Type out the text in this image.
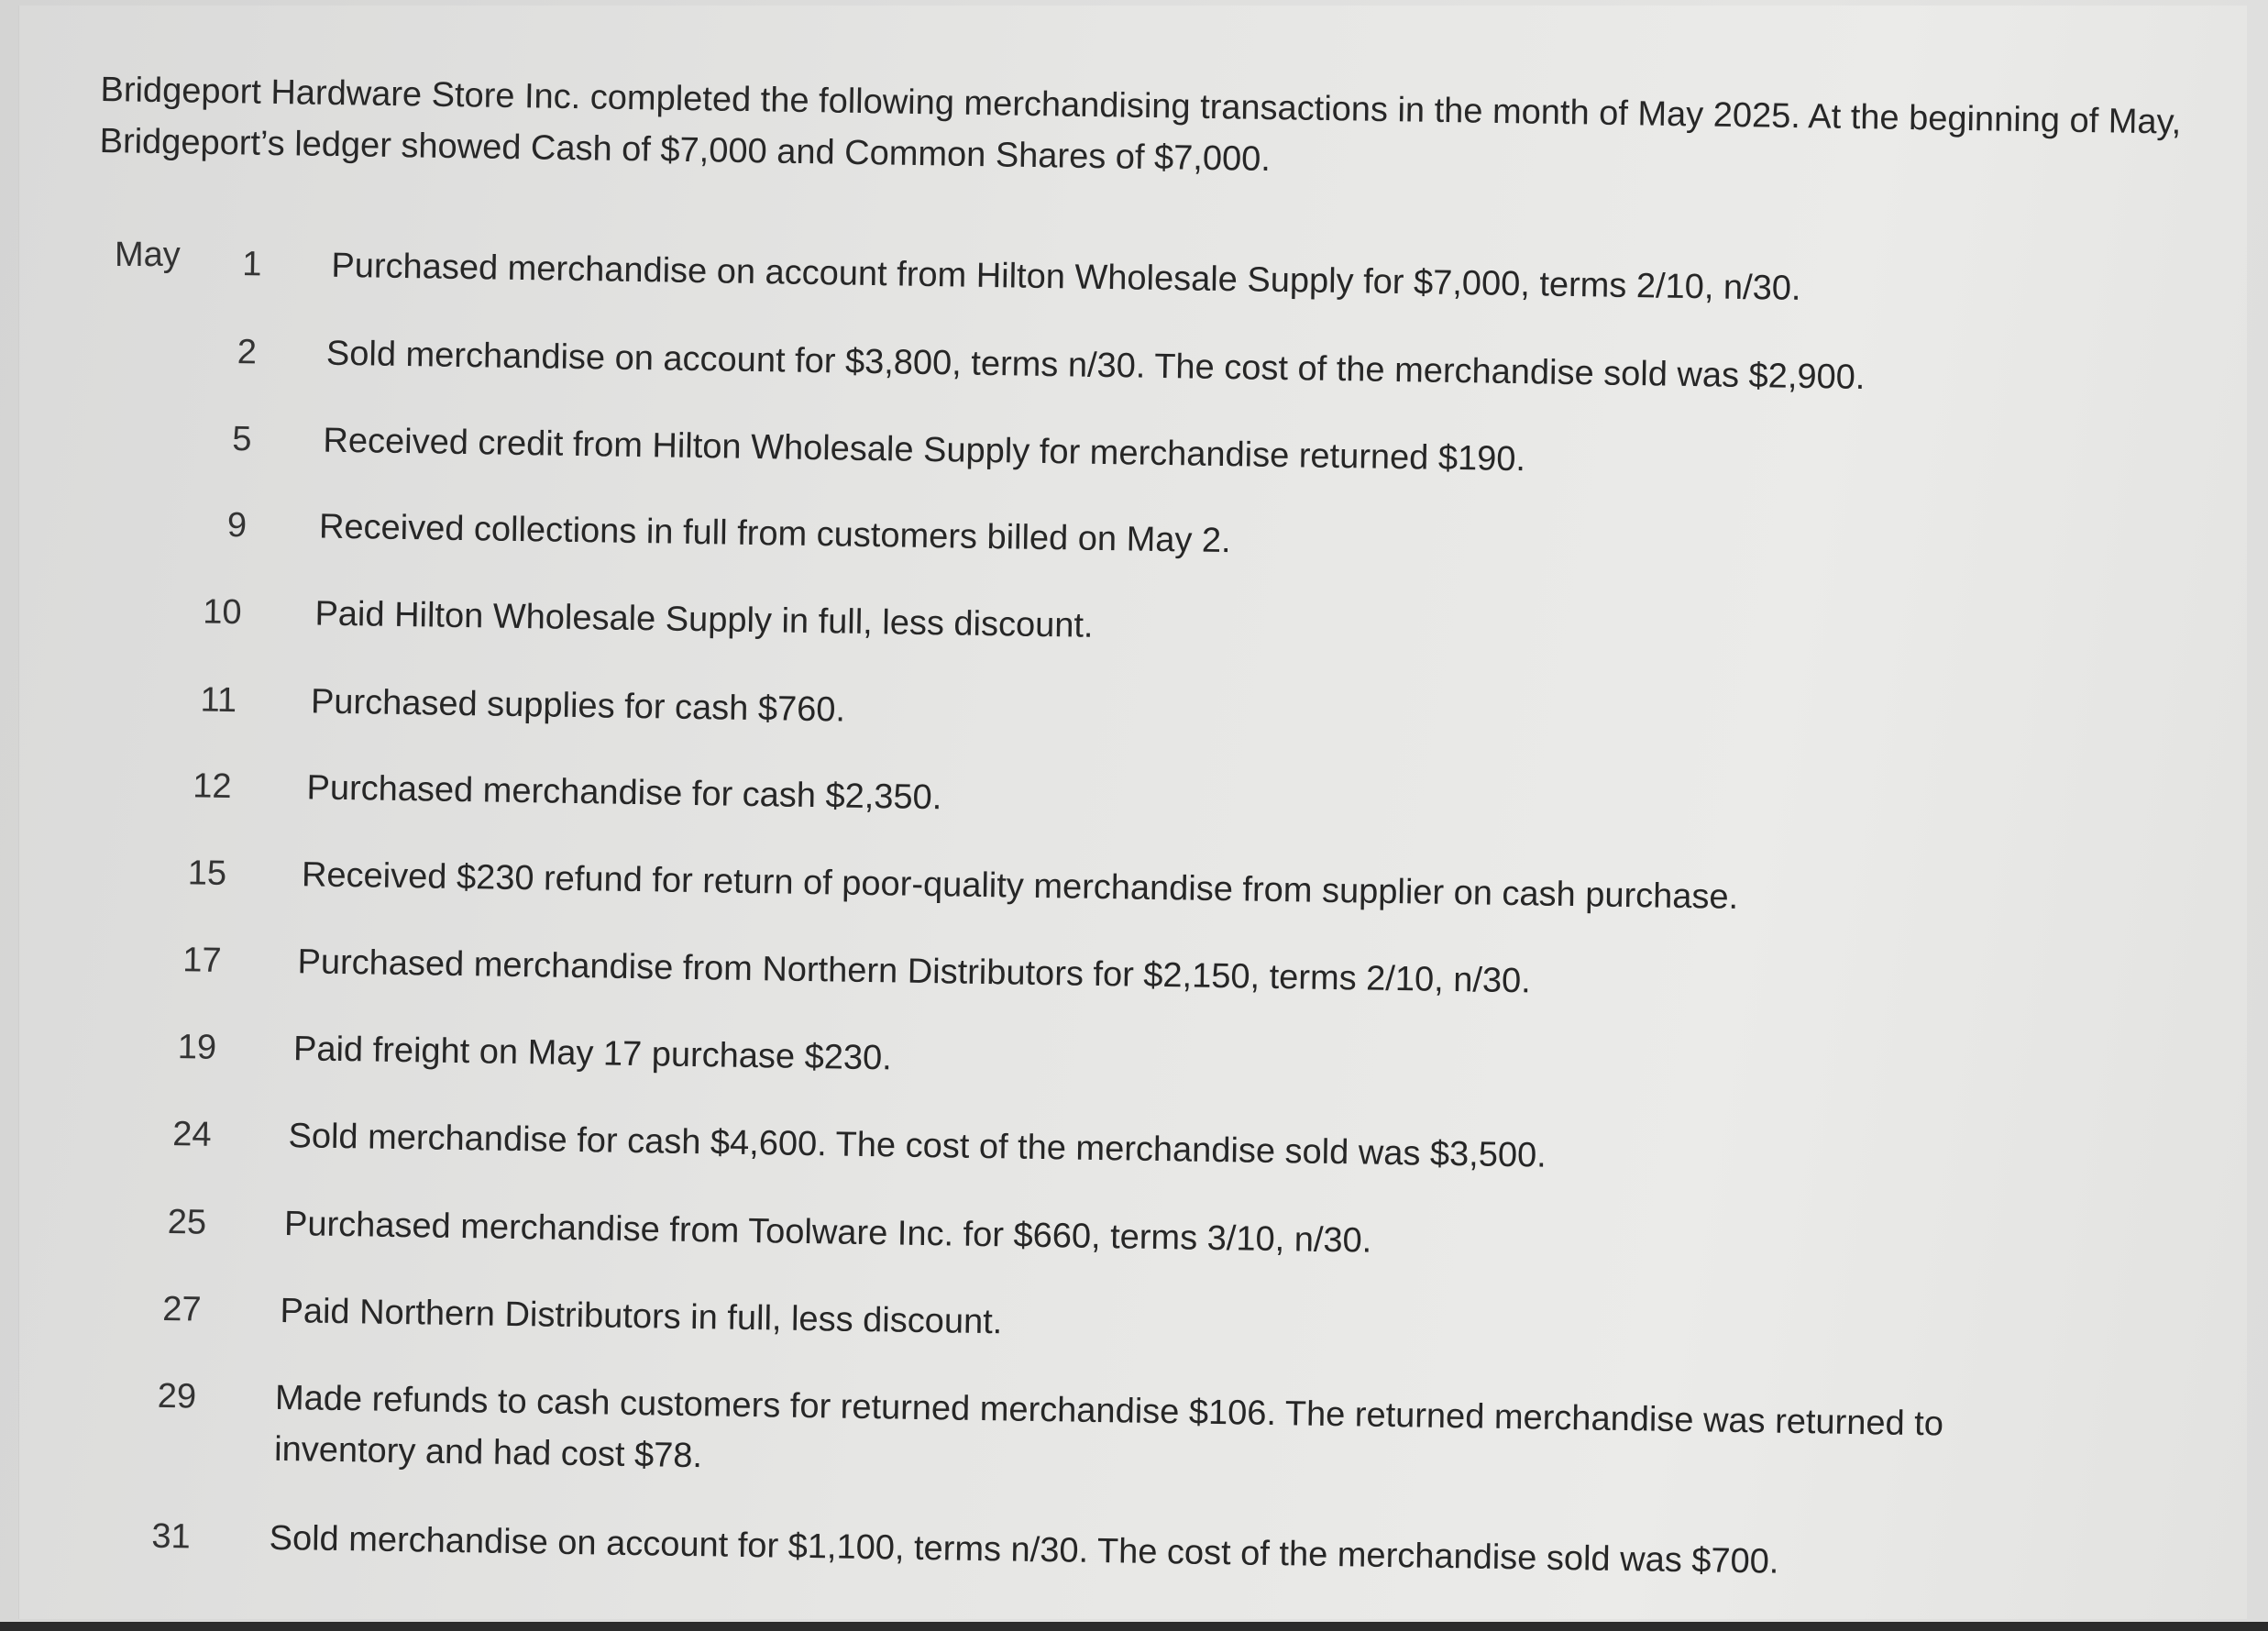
Bridgeport Hardware Store Inc. completed the following merchandising transactions in the month of May 2025. At the beginning of May, Bridgeport’s ledger showed Cash of $7,000 and Common Shares of $7,000.

May	1 Purchased merchandise on account from Hilton Wholesale Supply for $7,000, terms 2/10, n/30.
2 Sold merchandise on account for $3,800, terms n/30. The cost of the merchandise sold was $2,900.
5 Received credit from Hilton Wholesale Supply for merchandise returned $190.
9 Received collections in full from customers billed on May 2.
10 Paid Hilton Wholesale Supply in full, less discount.
11 Purchased supplies for cash $760.
12 Purchased merchandise for cash $2,350.
15 Received $230 refund for return of poor-quality merchandise from supplier on cash purchase.
17 Purchased merchandise from Northern Distributors for $2,150, terms 2/10, n/30.
19 Paid freight on May 17 purchase $230.
24 Sold merchandise for cash $4,600. The cost of the merchandise sold was $3,500.
25 Purchased merchandise from Toolware Inc. for $660, terms 3/10, n/30.
27 Paid Northern Distributors in full, less discount.
29 Made refunds to cash customers for returned merchandise $106. The returned merchandise was returned to inventory and had cost $78.
31 Sold merchandise on account for $1,100, terms n/30. The cost of the merchandise sold was $700.
